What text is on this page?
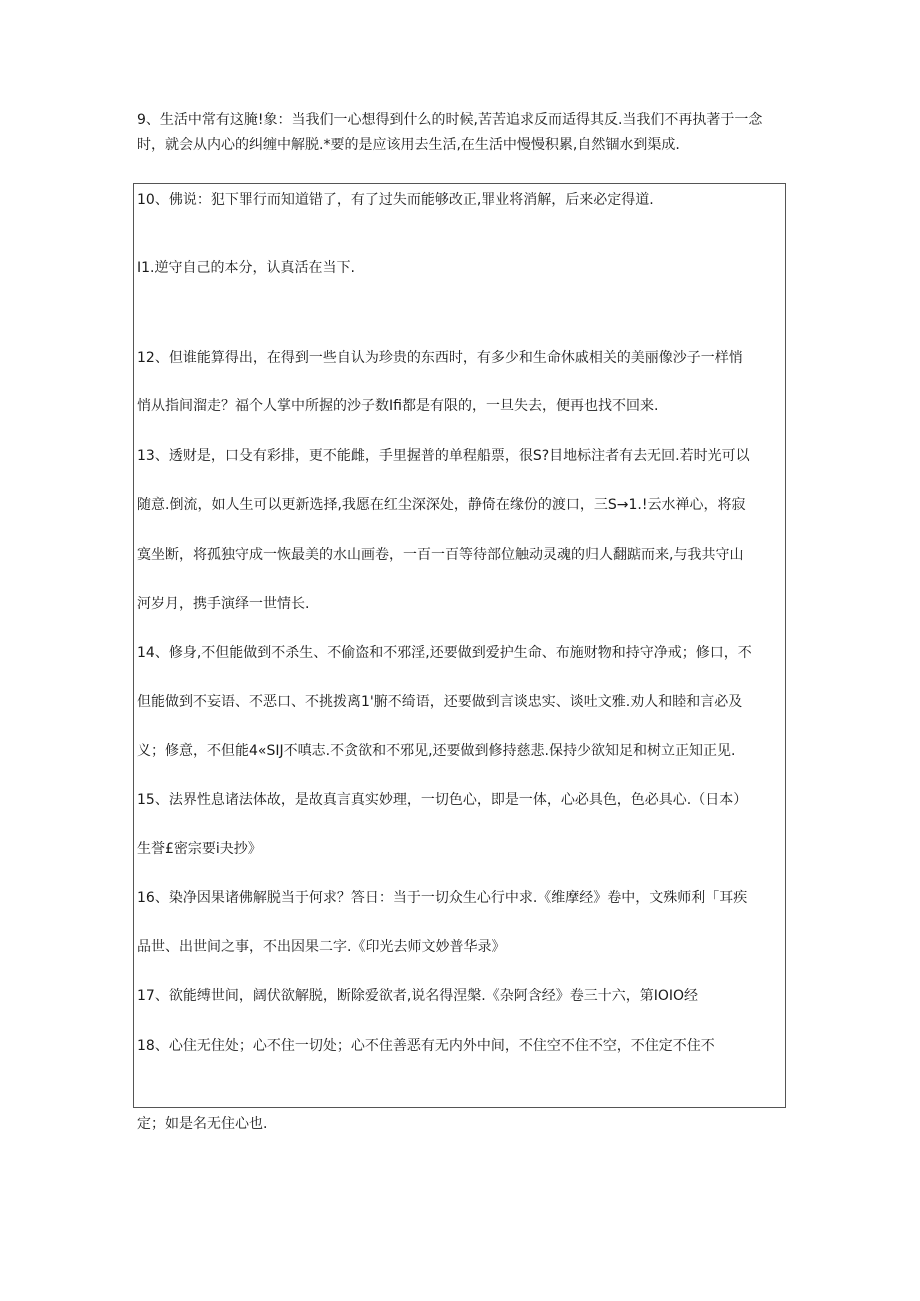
9、生活中常有这腌!象：当我们一心想得到什么的时候,苦苦追求反而适得其反.当我们不再执著于一念
时，就会从内心的纠缠中解脱.*要的是应该用去生活,在生活中慢慢积累,自然锢水到渠成.
10、佛说：犯下罪行而知道错了，有了过失而能够改正,罪业将消解，后来必定得道.
I1.逆守自己的本分，认真活在当下.
12、但谁能算得出，在得到一些自认为珍贵的东西时，有多少和生命休戚相关的美丽像沙子一样悄
悄从指间溜走？福个人掌中所握的沙子数Ifi都是有限的，一旦失去，便再也找不回来.
13、透财是，口殳有彩排，更不能雌，手里握普的单程船票，很S?目地标注者有去无回.若时光可以
随意.倒流，如人生可以更新选择,我愿在红尘深深处，静倚在缘份的渡口，三S→1.!云水禅心，将寂
寞坐断，将孤独守成一恢最美的水山画卷，一百一百等待部位触动灵魂的归人翻踮而来,与我共守山
河岁月，携手演绎一世情长.
14、修身,不但能做到不杀生、不偷盗和不邪淫,还要做到爱护生命、布施财物和持守净戒；修口，不
但能做到不妄语、不恶口、不挑拨离1'腑不绮语，还要做到言谈忠实、谈吐文雅.劝人和睦和言必及
义；修意，不但能4«SIJ不嗔志.不贪欲和不邪见,还要做到修持慈悲.保持少欲知足和树立正知正见.
15、法界性息诸法体故，是故真言真实妙理，一切色心，即是一体，心必具色，色必具心.（日本）
生誉£密宗要i夬抄》
16、染净因果诸佛解脱当于何求？答日：当于一切众生心行中求.《维摩经》卷中，文殊师利「耳疾
品世、出世间之事，不出因果二字.《印光去师文妙普华录》
17、欲能缚世间，阔伏欲解脱，断除爱欲者,说名得涅槃.《杂阿含经》卷三十六，第IOIO经
18、心住无住处；心不住一切处；心不住善恶有无内外中间，不住空不住不空，不住定不住不
定；如是名无住心也.
